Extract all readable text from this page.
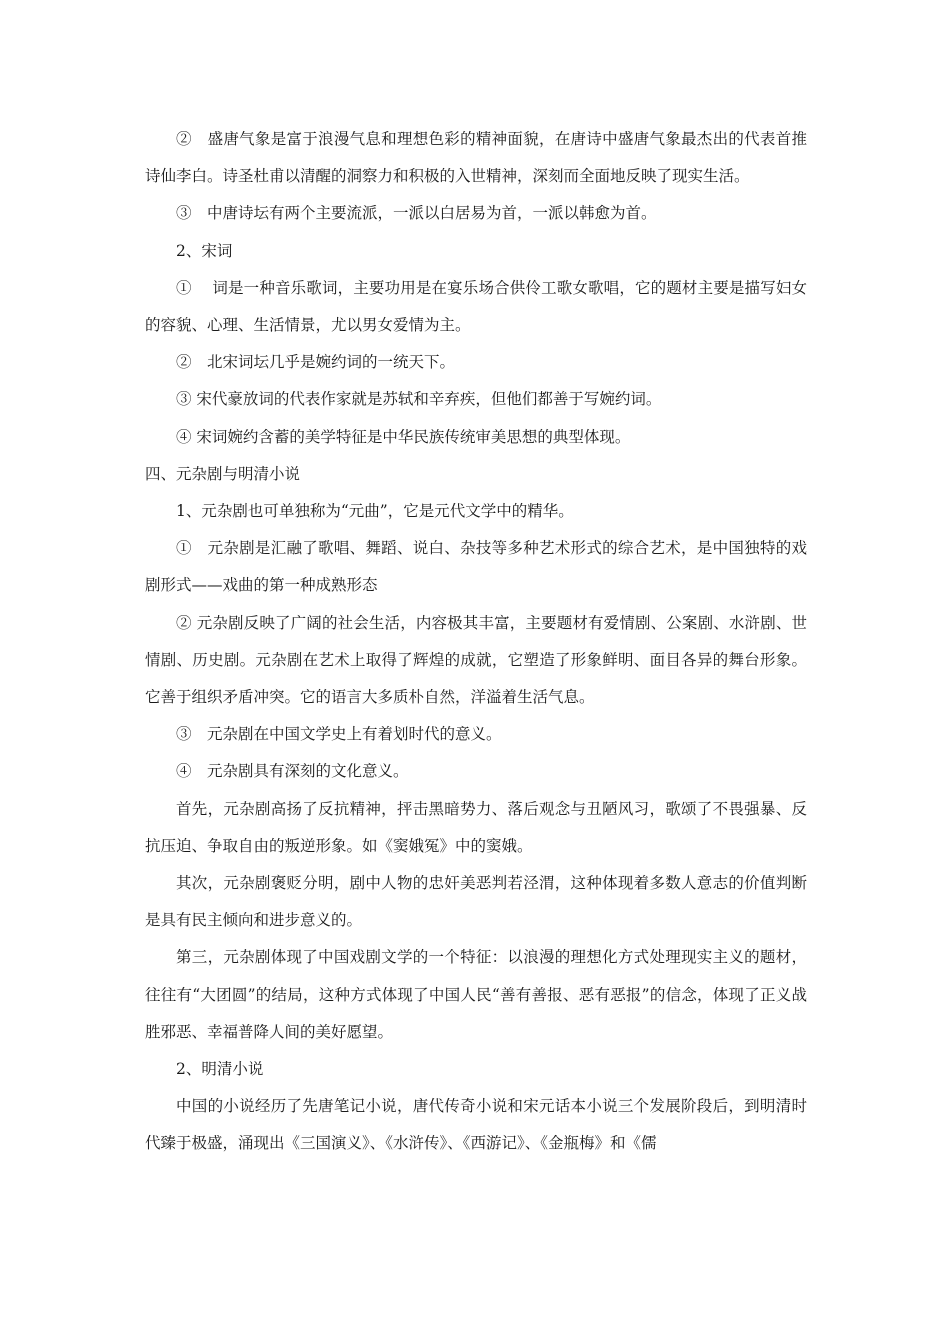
②　盛唐气象是富于浪漫气息和理想色彩的精神面貌，在唐诗中盛唐气象最杰出的代表首推诗仙李白。诗圣杜甫以清醒的洞察力和积极的入世精神，深刻而全面地反映了现实生活。

③　中唐诗坛有两个主要流派，一派以白居易为首，一派以韩愈为首。

2、宋词

①　 词是一种音乐歌词，主要功用是在宴乐场合供伶工歌女歌唱，它的题材主要是描写妇女的容貌、心理、生活情景，尤以男女爱情为主。

②　北宋词坛几乎是婉约词的一统天下。

③ 宋代豪放词的代表作家就是苏轼和辛弃疾，但他们都善于写婉约词。

④ 宋词婉约含蓄的美学特征是中华民族传统审美思想的典型体现。

四、元杂剧与明清小说

1、元杂剧也可单独称为“元曲”，它是元代文学中的精华。

①　元杂剧是汇融了歌唱、舞蹈、说白、杂技等多种艺术形式的综合艺术，是中国独特的戏剧形式——戏曲的第一种成熟形态

② 元杂剧反映了广阔的社会生活，内容极其丰富，主要题材有爱情剧、公案剧、水浒剧、世情剧、历史剧。元杂剧在艺术上取得了辉煌的成就，它塑造了形象鲜明、面目各异的舞台形象。它善于组织矛盾冲突。它的语言大多质朴自然，洋溢着生活气息。

③　元杂剧在中国文学史上有着划时代的意义。

④　元杂剧具有深刻的文化意义。

首先，元杂剧高扬了反抗精神，抨击黑暗势力、落后观念与丑陋风习，歌颂了不畏强暴、反抗压迫、争取自由的叛逆形象。如《窦娥冤》中的窦娥。

其次，元杂剧褒贬分明，剧中人物的忠奸美恶判若泾渭，这种体现着多数人意志的价值判断是具有民主倾向和进步意义的。

第三，元杂剧体现了中国戏剧文学的一个特征：以浪漫的理想化方式处理现实主义的题材，往往有“大团圆”的结局，这种方式体现了中国人民“善有善报、恶有恶报”的信念，体现了正义战胜邪恶、幸福普降人间的美好愿望。

2、明清小说

中国的小说经历了先唐笔记小说，唐代传奇小说和宋元话本小说三个发展阶段后，到明清时代臻于极盛，涌现出《三国演义》、《水浒传》、《西游记》、《金瓶梅》和《儒
